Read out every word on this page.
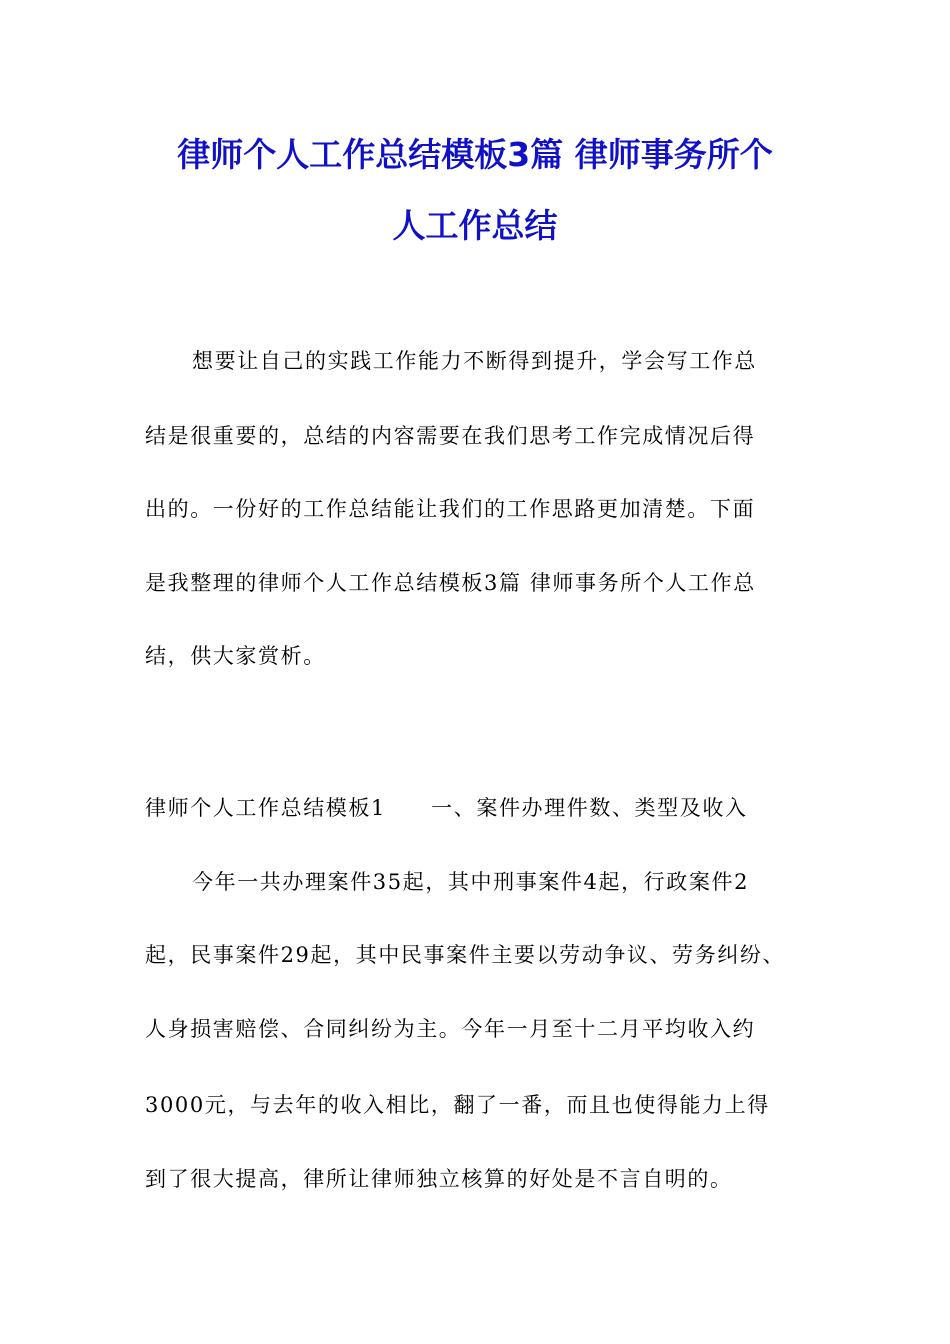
律师个人工作总结模板3篇 律师事务所个
人工作总结

想要让自己的实践工作能力不断得到提升，学会写工作总

结是很重要的，总结的内容需要在我们思考工作完成情况后得

出的。一份好的工作总结能让我们的工作思路更加清楚。下面

是我整理的律师个人工作总结模板3篇 律师事务所个人工作总

结，供大家赏析。

律师个人工作总结模板1　　一、案件办理件数、类型及收入

今年一共办理案件35起，其中刑事案件4起，行政案件2

起，民事案件29起，其中民事案件主要以劳动争议、劳务纠纷、

人身损害赔偿、合同纠纷为主。今年一月至十二月平均收入约

3000元，与去年的收入相比，翻了一番，而且也使得能力上得

到了很大提高，律所让律师独立核算的好处是不言自明的。
